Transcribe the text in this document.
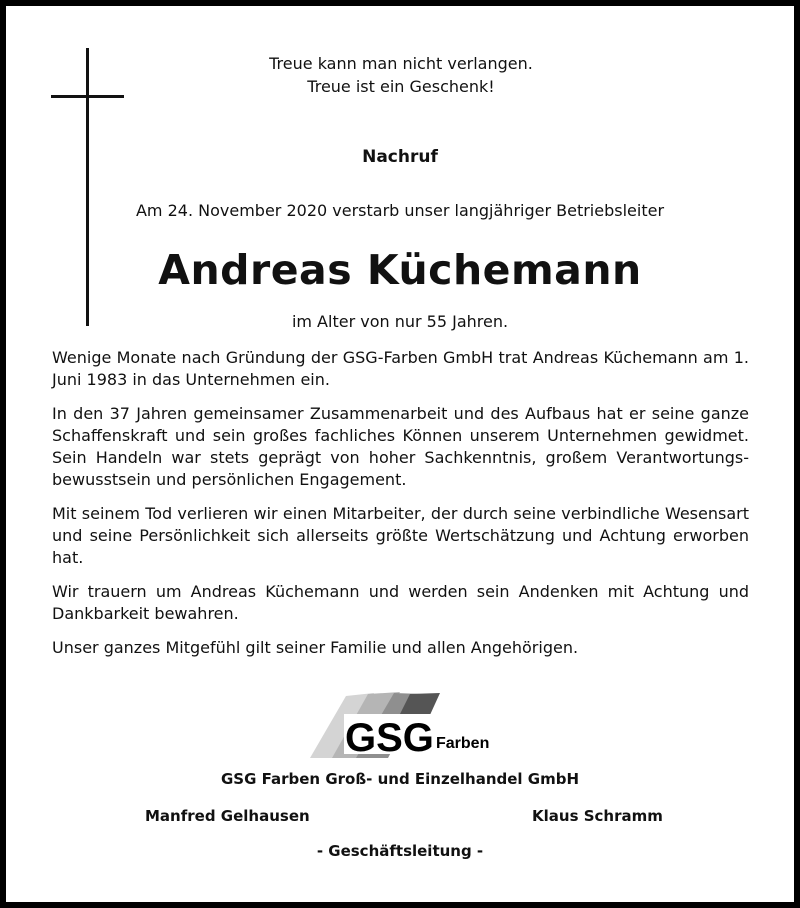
Treue kann man nicht verlangen.
Treue ist ein Geschenk!
Nachruf
Am 24. November 2020 verstarb unser langjähriger Betriebsleiter
Andreas Küchemann
im Alter von nur 55 Jahren.

Wenige Monate nach Gründung der GSG-Farben GmbH trat Andreas Küchemann am 1. Juni 1983 in das Unternehmen ein.

In den 37 Jahren gemeinsamer Zusammenarbeit und des Aufbaus hat er seine ganze Schaffenskraft und sein großes fachliches Können unserem Unternehmen gewidmet. Sein Handeln war stets geprägt von hoher Sachkenntnis, großem Verantwortungsbewusstsein und persönlichen Engagement.

Mit seinem Tod verlieren wir einen Mitarbeiter, der durch seine verbindliche Wesensart und seine Persönlichkeit sich allerseits größte Wertschätzung und Achtung erworben hat.

Wir trauern um Andreas Küchemann und werden sein Andenken mit Achtung und Dankbarkeit bewahren.

Unser ganzes Mitgefühl gilt seiner Familie und allen Angehörigen.

GSG Farben
GSG Farben Groß- und Einzelhandel GmbH
Manfred Gelhausen	Klaus Schramm
- Geschäftsleitung -
